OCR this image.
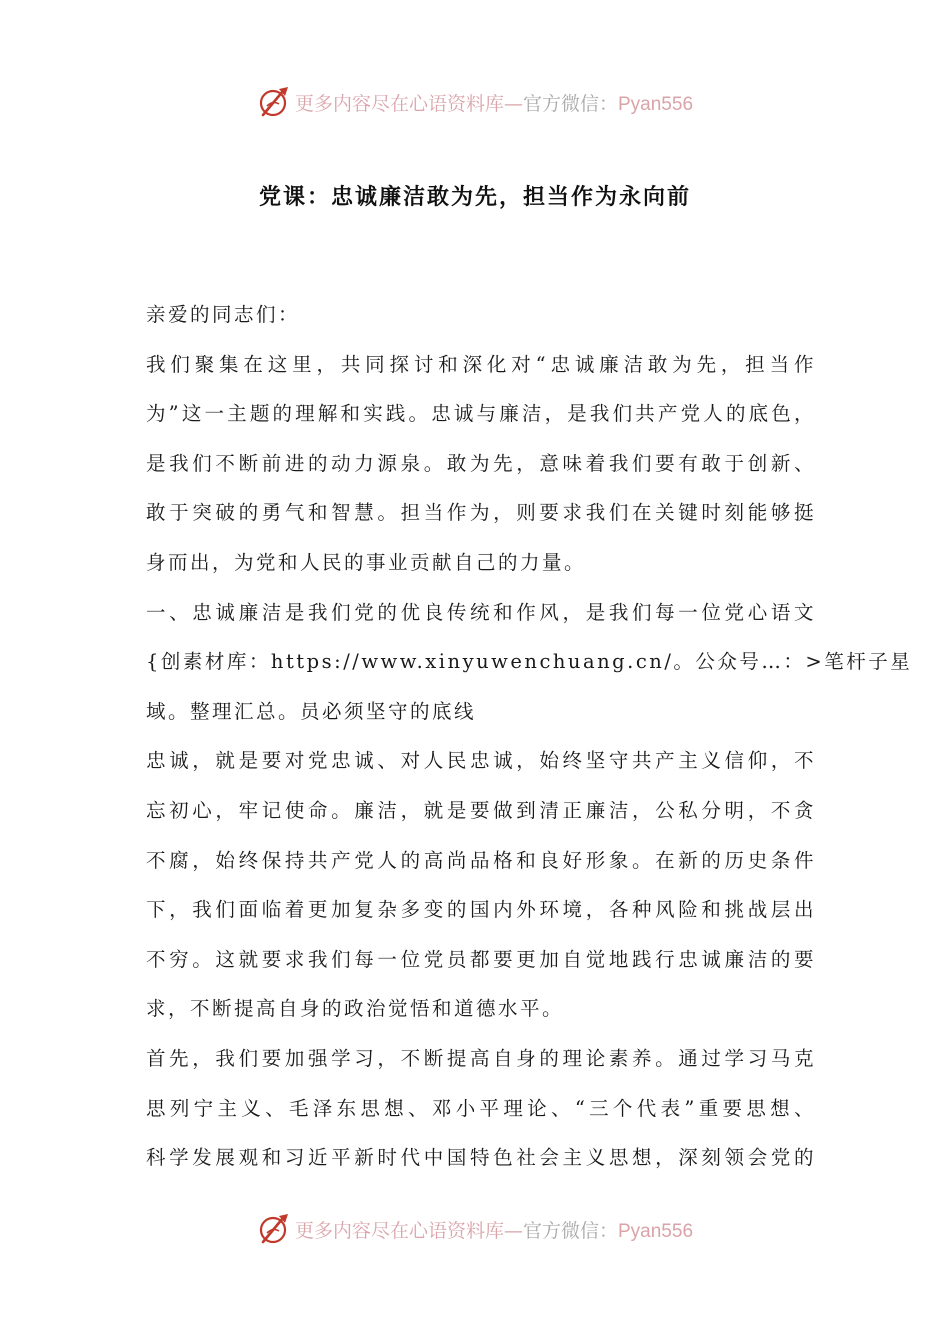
更多内容尽在心语资料库—官方微信：Pyan556
党课：忠诚廉洁敢为先，担当作为永向前
亲爱的同志们：
我们聚集在这里，共同探讨和深化对“忠诚廉洁敢为先，担当作
为”这一主题的理解和实践。忠诚与廉洁，是我们共产党人的底色，
是我们不断前进的动力源泉。敢为先，意味着我们要有敢于创新、
敢于突破的勇气和智慧。担当作为，则要求我们在关键时刻能够挺
身而出，为党和人民的事业贡献自己的力量。
一、忠诚廉洁是我们党的优良传统和作风，是我们每一位党心语文
{创素材库：https://www.xinyuwenchuang.cn/。公众号…：>笔杆子星
域。整理汇总。员必须坚守的底线
忠诚，就是要对党忠诚、对人民忠诚，始终坚守共产主义信仰，不
忘初心，牢记使命。廉洁，就是要做到清正廉洁，公私分明，不贪
不腐，始终保持共产党人的高尚品格和良好形象。在新的历史条件
下，我们面临着更加复杂多变的国内外环境，各种风险和挑战层出
不穷。这就要求我们每一位党员都要更加自觉地践行忠诚廉洁的要
求，不断提高自身的政治觉悟和道德水平。
首先，我们要加强学习，不断提高自身的理论素养。通过学习马克
思列宁主义、毛泽东思想、邓小平理论、“三个代表”重要思想、
科学发展观和习近平新时代中国特色社会主义思想，深刻领会党的
更多内容尽在心语资料库—官方微信：Pyan556
